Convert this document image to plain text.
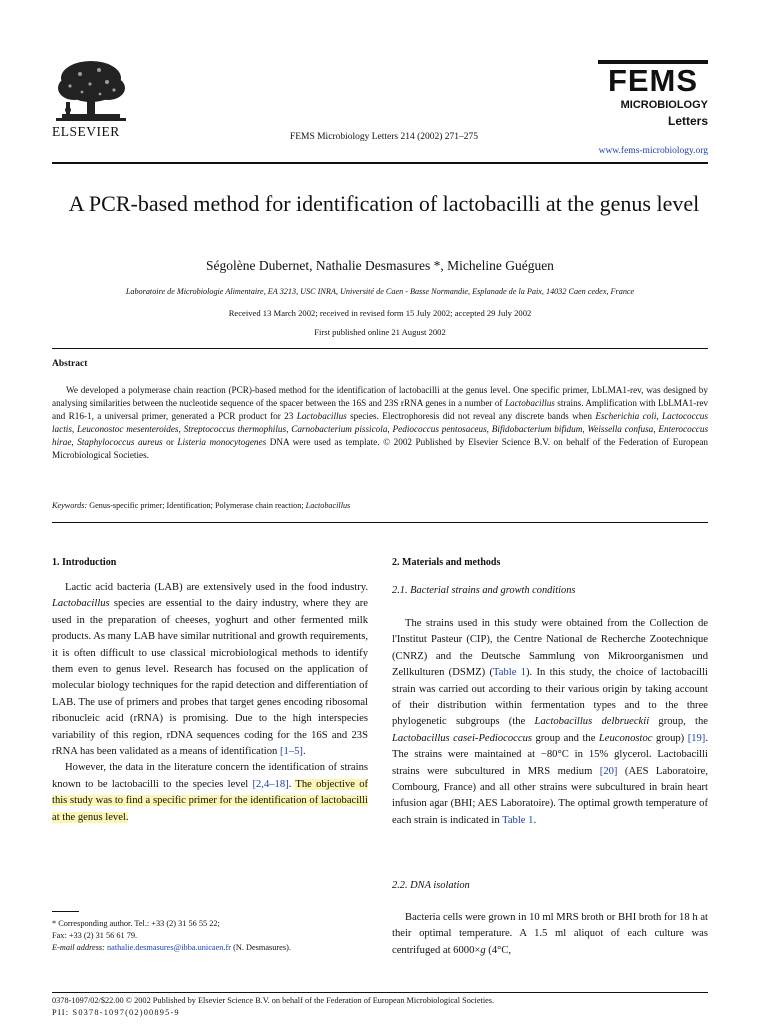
ELSEVIER	FEMS Microbiology Letters 214 (2002) 271–275
FEMS
MICROBIOLOGY
Letters
www.fems-microbiology.org
A PCR-based method for identification of lactobacilli at the genus level
Ségolène Dubernet, Nathalie Desmasures *, Micheline Guéguen
Laboratoire de Microbiologie Alimentaire, EA 3213, USC INRA, Université de Caen - Basse Normandie, Esplanade de la Paix, 14032 Caen cedex, France
Received 13 March 2002; received in revised form 15 July 2002; accepted 29 July 2002
First published online 21 August 2002
Abstract
We developed a polymerase chain reaction (PCR)-based method for the identification of lactobacilli at the genus level. One specific primer, LbLMA1-rev, was designed by analysing similarities between the nucleotide sequence of the spacer between the 16S and 23S rRNA genes in a number of Lactobacillus strains. Amplification with LbLMA1-rev and R16-1, a universal primer, generated a PCR product for 23 Lactobacillus species. Electrophoresis did not reveal any discrete bands when Escherichia coli, Lactococcus lactis, Leuconostoc mesenteroides, Streptococcus thermophilus, Carnobacterium pissicola, Pediococcus pentosaceus, Bifidobacterium bifidum, Weissella confusa, Enterococcus hirae, Staphylococcus aureus or Listeria monocytogenes DNA were used as template. © 2002 Published by Elsevier Science B.V. on behalf of the Federation of European Microbiological Societies.
Keywords: Genus-specific primer; Identification; Polymerase chain reaction; Lactobacillus
1. Introduction

Lactic acid bacteria (LAB) are extensively used in the food industry. Lactobacillus species are essential to the dairy industry, where they are used in the preparation of cheeses, yoghurt and other fermented milk products. As many LAB have similar nutritional and growth requirements, it is often difficult to use classical microbiological methods to identify them even to genus level. Research has focused on the application of molecular biology techniques for the rapid detection and differentiation of LAB. The use of primers and probes that target genes encoding ribosomal ribonucleic acid (rRNA) is promising. Due to the high interspecies variability of this region, rDNA sequences coding for the 16S and 23S rRNA has been validated as a means of identification [1–5].

However, the data in the literature concern the identification of strains known to be lactobacilli to the species level [2,4–18]. The objective of this study was to find a specific primer for the identification of lactobacilli at the genus level.

* Corresponding author. Tel.: +33 (2) 31 56 55 22;
Fax: +33 (2) 31 56 61 79.
E-mail address: nathalie.desmasures@ibba.unicaen.fr (N. Desmasures).
2. Materials and methods
2.1. Bacterial strains and growth conditions

The strains used in this study were obtained from the Collection de l'Institut Pasteur (CIP), the Centre National de Recherche Zootechnique (CNRZ) and the Deutsche Sammlung von Mikroorganismen und Zellkulturen (DSMZ) (Table 1). In this study, the choice of lactobacilli strain was carried out according to their various origin by taking account of their distribution within fermentation types and to the three phylogenetic subgroups (the Lactobacillus delbrueckii group, the Lactobacillus casei-Pediococcus group and the Leuconostoc group) [19]. The strains were maintained at −80°C in 15% glycerol. Lactobacilli strains were subcultured in MRS medium [20] (AES Laboratoire, Combourg, France) and all other strains were subcultured in brain heart infusion agar (BHI; AES Laboratoire). The optimal growth temperature of each strain is indicated in Table 1.

2.2. DNA isolation

Bacteria cells were grown in 10 ml MRS broth or BHI broth for 18 h at their optimal temperature. A 1.5 ml aliquot of each culture was centrifuged at 6000×g (4°C,

0378-1097/02/$22.00 © 2002 Published by Elsevier Science B.V. on behalf of the Federation of European Microbiological Societies.
PII: S0378-1097(02)00895-9
